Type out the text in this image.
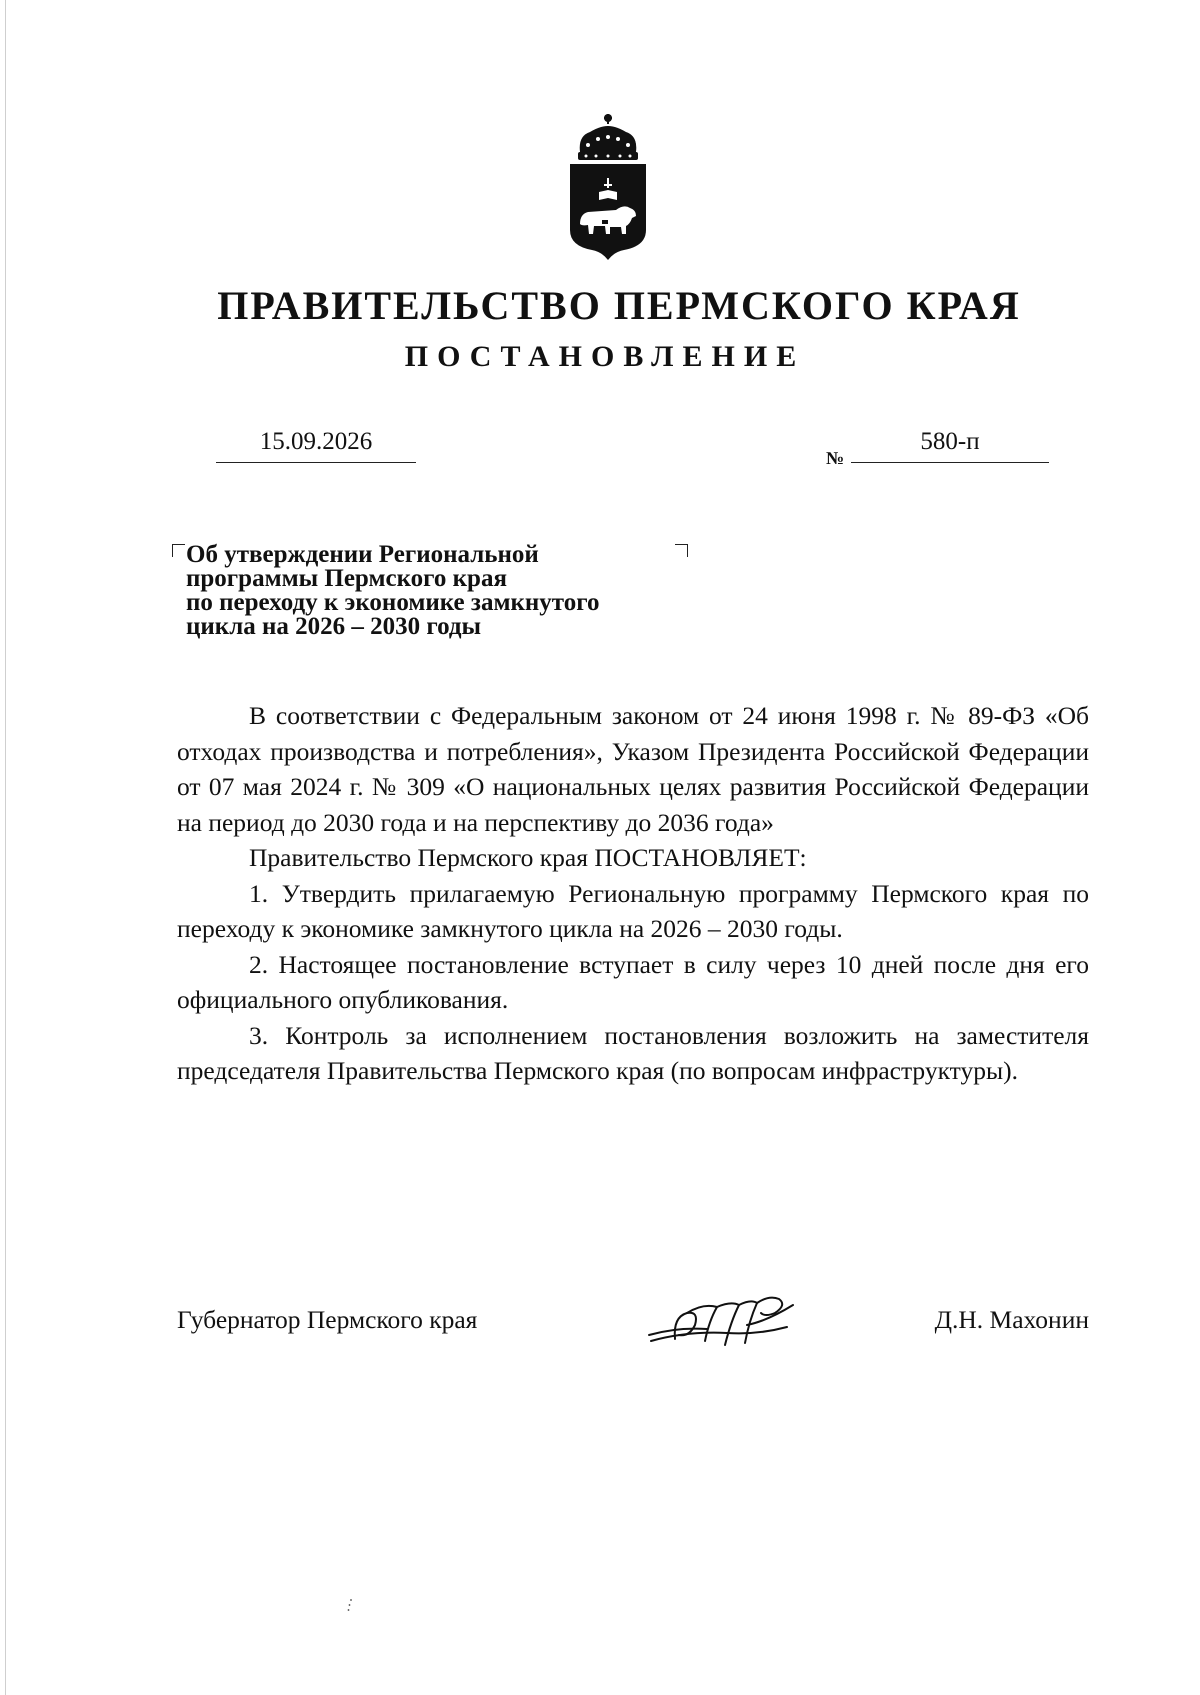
ПРАВИТЕЛЬСТВО ПЕРМСКОГО КРАЯ
ПОСТАНОВЛЕНИЕ
15.09.2026
№
580-п
Об утверждении Региональной
программы Пермского края
по переходу к экономике замкнутого
цикла на 2026 – 2030 годы

В соответствии с Федеральным законом от 24 июня 1998 г. № 89-ФЗ «Об отходах производства и потребления», Указом Президента Российской Федерации от 07 мая 2024 г. № 309 «О национальных целях развития Российской Федерации на период до 2030 года и на перспективу до 2036 года»

Правительство Пермского края ПОСТАНОВЛЯЕТ:

1. Утвердить прилагаемую Региональную программу Пермского края по переходу к экономике замкнутого цикла на 2026 – 2030 годы.

2. Настоящее постановление вступает в силу через 10 дней после дня его официального опубликования.

3. Контроль за исполнением постановления возложить на заместителя председателя Правительства Пермского края (по вопросам инфраструктуры).

Губернатор Пермского края	Д.Н. Махонин
